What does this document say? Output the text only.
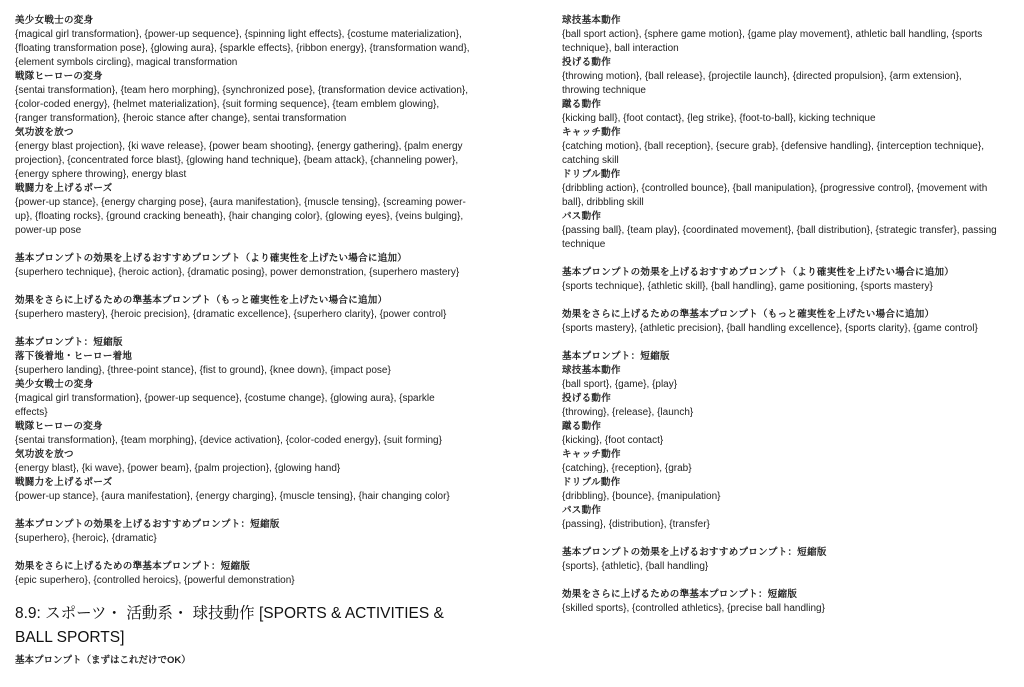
美少女戦士の変身
{magical girl transformation}, {power-up sequence}, {spinning light effects}, {costume materialization}, {floating transformation pose}, {glowing aura}, {sparkle effects}, {ribbon energy}, {transformation wand}, {element symbols circling}, magical transformation
戦隊ヒーローの変身
{sentai transformation}, {team hero morphing}, {synchronized pose}, {transformation device activation}, {color-coded energy}, {helmet materialization}, {suit forming sequence}, {team emblem glowing}, {ranger transformation}, {heroic stance after change}, sentai transformation
気功波を放つ
{energy blast projection}, {ki wave release}, {power beam shooting}, {energy gathering}, {palm energy projection}, {concentrated force blast}, {glowing hand technique}, {beam attack}, {channeling power}, {energy sphere throwing}, energy blast
戦闘力を上げるポーズ
{power-up stance}, {energy charging pose}, {aura manifestation}, {muscle tensing}, {screaming power-up}, {floating rocks}, {ground cracking beneath}, {hair changing color}, {glowing eyes}, {veins bulging}, power-up pose
基本プロンプトの効果を上げるおすすめプロンプト（より確実性を上げたい場合に追加）
{superhero technique}, {heroic action}, {dramatic posing}, power demonstration, {superhero mastery}
効果をさらに上げるための準基本プロンプト（もっと確実性を上げたい場合に追加）
{superhero mastery}, {heroic precision}, {dramatic excellence}, {superhero clarity}, {power control}
基本プロンプト：短縮版
落下後着地・ヒーロー着地
{superhero landing}, {three-point stance}, {fist to ground}, {knee down}, {impact pose}
美少女戦士の変身
{magical girl transformation}, {power-up sequence}, {costume change}, {glowing aura}, {sparkle effects}
戦隊ヒーローの変身
{sentai transformation}, {team morphing}, {device activation}, {color-coded energy}, {suit forming}
気功波を放つ
{energy blast}, {ki wave}, {power beam}, {palm projection}, {glowing hand}
戦闘力を上げるポーズ
{power-up stance}, {aura manifestation}, {energy charging}, {muscle tensing}, {hair changing color}
基本プロンプトの効果を上げるおすすめプロンプト：短縮版
{superhero}, {heroic}, {dramatic}
効果をさらに上げるための準基本プロンプト：短縮版
{epic superhero}, {controlled heroics}, {powerful demonstration}
8.9: スポーツ・ 活動系・ 球技動作 [SPORTS & ACTIVITIES & BALL SPORTS]
基本プロンプト（まずはこれだけでOK）
球技基本動作
{ball sport action}, {sphere game motion}, {game play movement}, athletic ball handling, {sports technique}, ball interaction
投げる動作
{throwing motion}, {ball release}, {projectile launch}, {directed propulsion}, {arm extension}, throwing technique
蹴る動作
{kicking ball}, {foot contact}, {leg strike}, {foot-to-ball}, kicking technique
キャッチ動作
{catching motion}, {ball reception}, {secure grab}, {defensive handling}, {interception technique}, catching skill
ドリブル動作
{dribbling action}, {controlled bounce}, {ball manipulation}, {progressive control}, {movement with ball}, dribbling skill
パス動作
{passing ball}, {team play}, {coordinated movement}, {ball distribution}, {strategic transfer}, passing technique
基本プロンプトの効果を上げるおすすめプロンプト（より確実性を上げたい場合に追加）
{sports technique}, {athletic skill}, {ball handling}, game positioning, {sports mastery}
効果をさらに上げるための準基本プロンプト（もっと確実性を上げたい場合に追加）
{sports mastery}, {athletic precision}, {ball handling excellence}, {sports clarity}, {game control}
基本プロンプト：短縮版
球技基本動作
{ball sport}, {game}, {play}
投げる動作
{throwing}, {release}, {launch}
蹴る動作
{kicking}, {foot contact}
キャッチ動作
{catching}, {reception}, {grab}
ドリブル動作
{dribbling}, {bounce}, {manipulation}
パス動作
{passing}, {distribution}, {transfer}
基本プロンプトの効果を上げるおすすめプロンプト：短縮版
{sports}, {athletic}, {ball handling}
効果をさらに上げるための準基本プロンプト：短縮版
{skilled sports}, {controlled athletics}, {precise ball handling}
